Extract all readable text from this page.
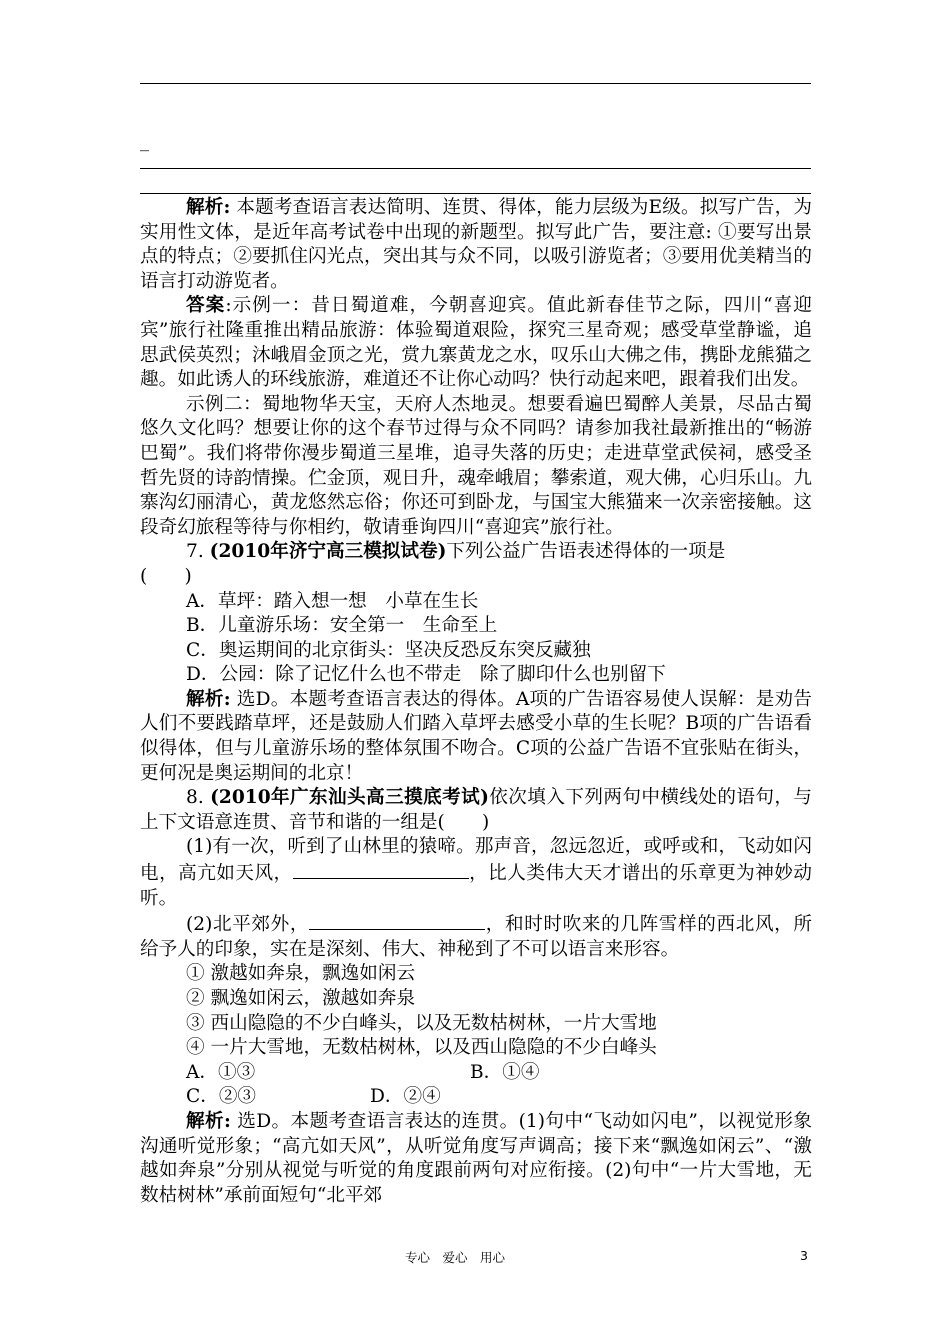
_

解析: 本题考查语言表达简明、连贯、得体，能力层级为E级。拟写广告，为实用性文体，是近年高考试卷中出现的新题型。拟写此广告，要注意: ①要写出景点的特点；②要抓住闪光点，突出其与众不同，以吸引游览者；③要用优美精当的语言打动游览者。

答案:示例一：昔日蜀道难，今朝喜迎宾。值此新春佳节之际，四川“喜迎宾”旅行社隆重推出精品旅游：体验蜀道艰险，探究三星奇观；感受草堂静谧，追思武侯英烈；沐峨眉金顶之光，赏九寨黄龙之水，叹乐山大佛之伟，携卧龙熊猫之趣。如此诱人的环线旅游，难道还不让你心动吗？快行动起来吧，跟着我们出发。

示例二：蜀地物华天宝，天府人杰地灵。想要看遍巴蜀醉人美景，尽品古蜀悠久文化吗？想要让你的这个春节过得与众不同吗？请参加我社最新推出的“畅游巴蜀”。我们将带你漫步蜀道三星堆，追寻失落的历史；走进草堂武侯祠，感受圣哲先贤的诗韵情操。伫金顶，观日升，魂牵峨眉；攀索道，观大佛，心归乐山。九寨沟幻丽清心，黄龙悠然忘俗；你还可到卧龙，与国宝大熊猫来一次亲密接触。这段奇幻旅程等待与你相约，敬请垂询四川“喜迎宾”旅行社。

7. (2010年济宁高三模拟试卷)下列公益广告语表述得体的一项是
(　　)

A．草坪：踏入想一想　小草在生长

B．儿童游乐场：安全第一　生命至上

C．奥运期间的北京街头：坚决反恐反东突反藏独

D．公园：除了记忆什么也不带走　除了脚印什么也别留下

解析: 选D。本题考查语言表达的得体。A项的广告语容易使人误解：是劝告人们不要践踏草坪，还是鼓励人们踏入草坪去感受小草的生长呢？B项的广告语看似得体，但与儿童游乐场的整体氛围不吻合。C项的公益广告语不宜张贴在街头，更何况是奥运期间的北京！

8. (2010年广东汕头高三摸底考试)依次填入下列两句中横线处的语句，与上下文语意连贯、音节和谐的一组是(　　)

(1)有一次，听到了山林里的猿啼。那声音，忽远忽近，或呼或和，飞动如闪电，高亢如天风，	，比人类伟大天才谱出的乐章更为神妙动听。

(2)北平郊外，	，和时时吹来的几阵雪样的西北风，所给予人的印象，实在是深刻、伟大、神秘到了不可以语言来形容。

① 激越如奔泉，飘逸如闲云

② 飘逸如闲云，激越如奔泉

③ 西山隐隐的不少白峰头，以及无数枯树林，一片大雪地

④ 一片大雪地，无数枯树林，以及西山隐隐的不少白峰头

A．①③	B．①④
C．②③	D．②④

解析: 选D。本题考查语言表达的连贯。(1)句中“飞动如闪电”，以视觉形象沟通听觉形象；“高亢如天风”，从听觉角度写声调高；接下来“飘逸如闲云”、“激越如奔泉”分别从视觉与听觉的角度跟前两句对应衔接。(2)句中“一片大雪地，无数枯树林”承前面短句“北平郊

专心　爱心　用心	3
